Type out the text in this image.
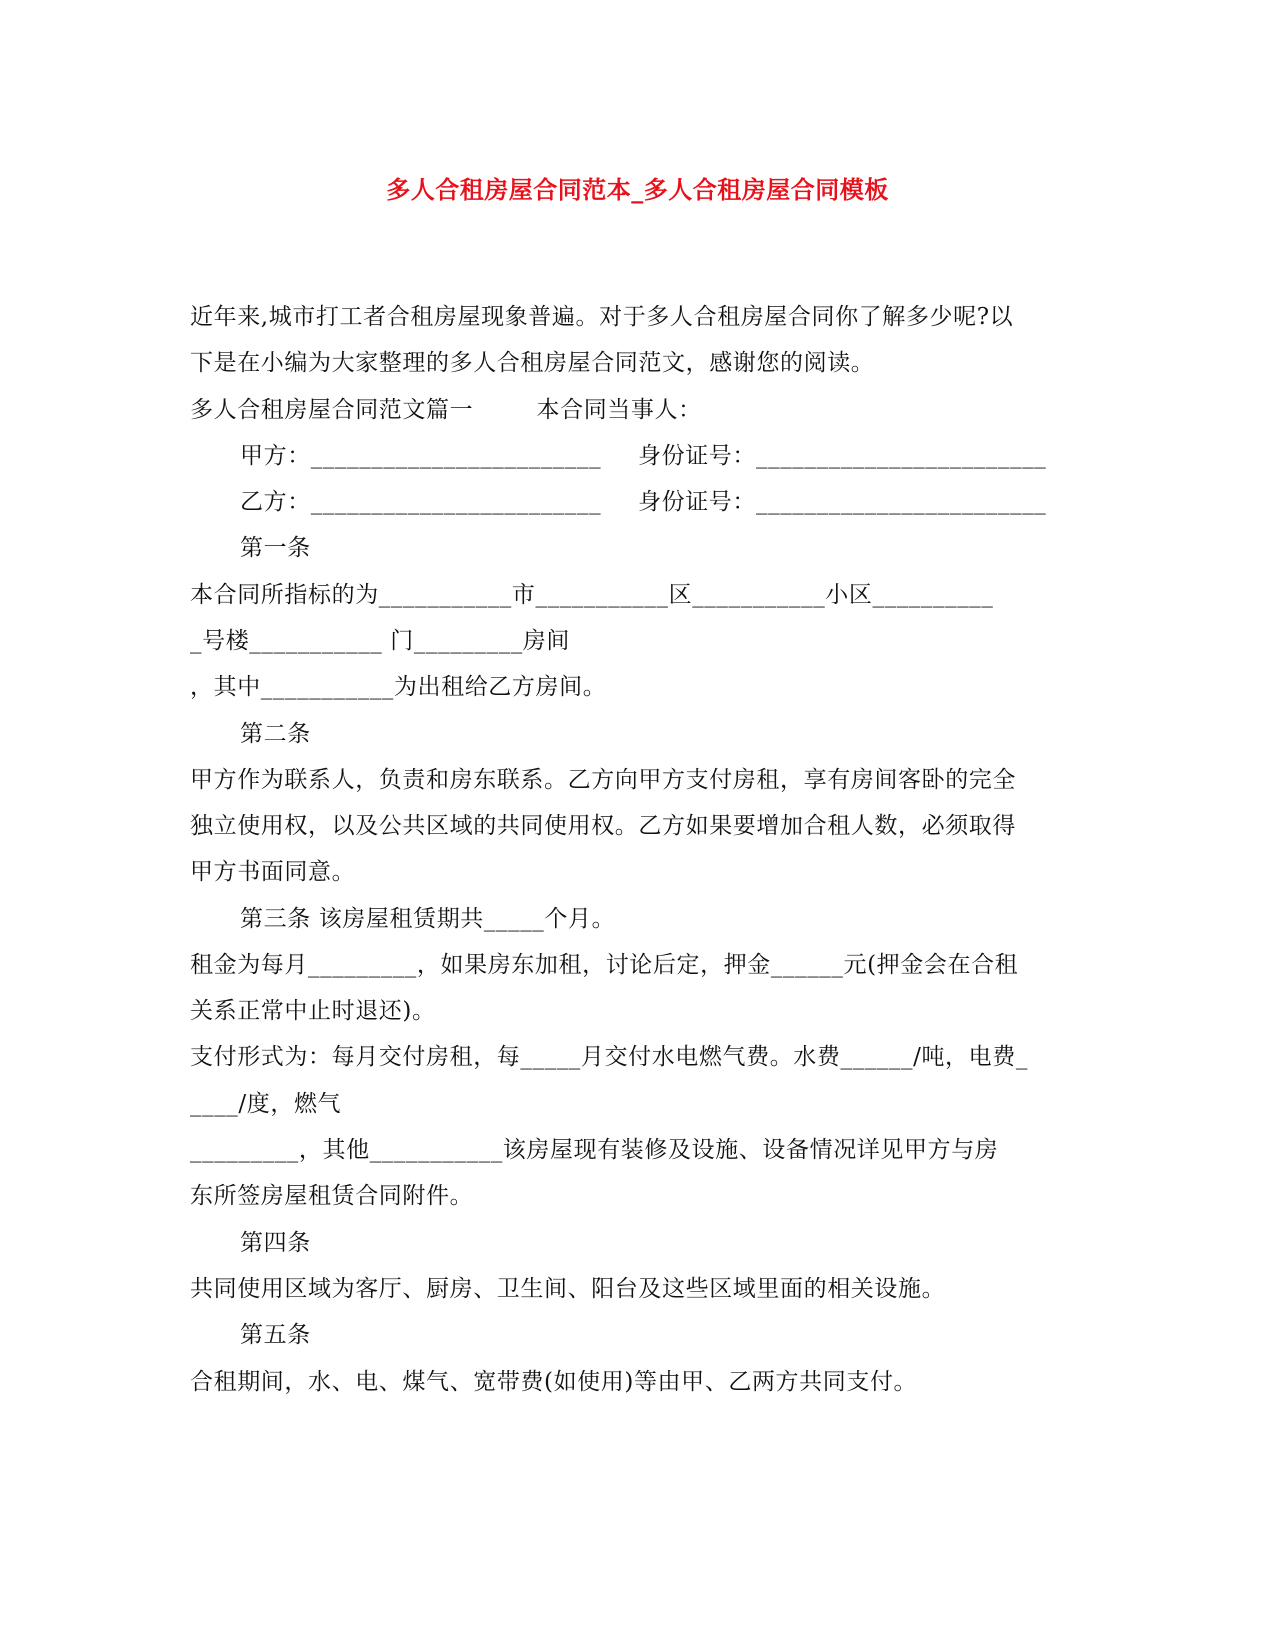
多人合租房屋合同范本_多人合租房屋合同模板
近年来,城市打工者合租房屋现象普遍。对于多人合租房屋合同你了解多少呢?以
下是在小编为大家整理的多人合租房屋合同范文，感谢您的阅读。
多人合租房屋合同范文篇一        本合同当事人：
甲方：________________________ 身份证号：________________________
乙方：________________________ 身份证号：________________________
第一条
本合同所指标的为___________市___________区___________小区__________
_号楼___________ 门_________房间
，其中___________为出租给乙方房间。
第二条
甲方作为联系人，负责和房东联系。乙方向甲方支付房租，享有房间客卧的完全
独立使用权，以及公共区域的共同使用权。乙方如果要增加合租人数，必须取得
甲方书面同意。
第三条 该房屋租赁期共_____个月。
租金为每月_________，如果房东加租，讨论后定，押金______元(押金会在合租
关系正常中止时退还)。
支付形式为：每月交付房租，每_____月交付水电燃气费。水费______/吨，电费_
____/度，燃气
_________，其他___________该房屋现有装修及设施、设备情况详见甲方与房
东所签房屋租赁合同附件。
第四条
共同使用区域为客厅、厨房、卫生间、阳台及这些区域里面的相关设施。
第五条
合租期间，水、电、煤气、宽带费(如使用)等由甲、乙两方共同支付。
